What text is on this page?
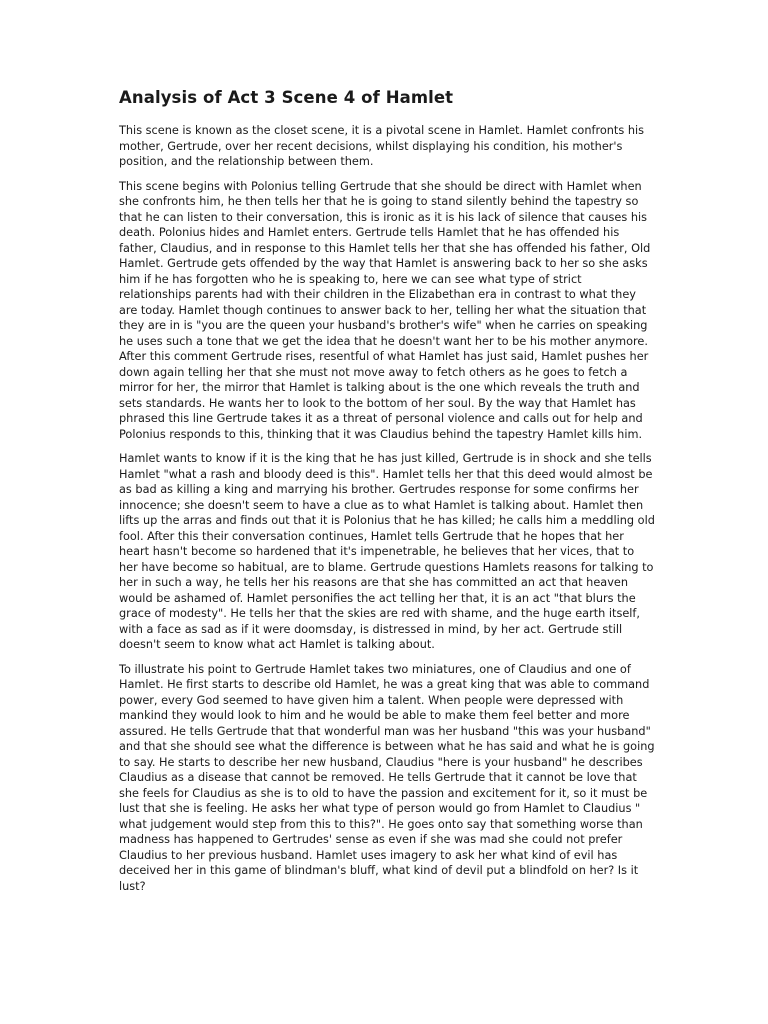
Analysis of Act 3 Scene 4 of Hamlet

This scene is known as the closet scene, it is a pivotal scene in Hamlet. Hamlet confronts his mother, Gertrude, over her recent decisions, whilst displaying his condition, his mother's position, and the relationship between them.

This scene begins with Polonius telling Gertrude that she should be direct with Hamlet when she confronts him, he then tells her that he is going to stand silently behind the tapestry so that he can listen to their conversation, this is ironic as it is his lack of silence that causes his death. Polonius hides and Hamlet enters. Gertrude tells Hamlet that he has offended his father, Claudius, and in response to this Hamlet tells her that she has offended his father, Old Hamlet. Gertrude gets offended by the way that Hamlet is answering back to her so she asks him if he has forgotten who he is speaking to, here we can see what type of strict relationships parents had with their children in the Elizabethan era in contrast to what they are today. Hamlet though continues to answer back to her, telling her what the situation that they are in is "you are the queen your husband's brother's wife" when he carries on speaking he uses such a tone that we get the idea that he doesn't want her to be his mother anymore. After this comment Gertrude rises, resentful of what Hamlet has just said, Hamlet pushes her down again telling her that she must not move away to fetch others as he goes to fetch a mirror for her, the mirror that Hamlet is talking about is the one which reveals the truth and sets standards. He wants her to look to the bottom of her soul. By the way that Hamlet has phrased this line Gertrude takes it as a threat of personal violence and calls out for help and Polonius responds to this, thinking that it was Claudius behind the tapestry Hamlet kills him.

Hamlet wants to know if it is the king that he has just killed, Gertrude is in shock and she tells Hamlet "what a rash and bloody deed is this". Hamlet tells her that this deed would almost be as bad as killing a king and marrying his brother. Gertrudes response for some confirms her innocence; she doesn't seem to have a clue as to what Hamlet is talking about. Hamlet then lifts up the arras and finds out that it is Polonius that he has killed; he calls him a meddling old fool. After this their conversation continues, Hamlet tells Gertrude that he hopes that her heart hasn't become so hardened that it's impenetrable, he believes that her vices, that to her have become so habitual, are to blame. Gertrude questions Hamlets reasons for talking to her in such a way, he tells her his reasons are that she has committed an act that heaven would be ashamed of. Hamlet personifies the act telling her that, it is an act "that blurs the grace of modesty". He tells her that the skies are red with shame, and the huge earth itself, with a face as sad as if it were doomsday, is distressed in mind, by her act. Gertrude still doesn't seem to know what act Hamlet is talking about.

To illustrate his point to Gertrude Hamlet takes two miniatures, one of Claudius and one of Hamlet. He first starts to describe old Hamlet, he was a great king that was able to command power, every God seemed to have given him a talent. When people were depressed with mankind they would look to him and he would be able to make them feel better and more assured. He tells Gertrude that that wonderful man was her husband "this was your husband" and that she should see what the difference is between what he has said and what he is going to say. He starts to describe her new husband, Claudius "here is your husband" he describes Claudius as a disease that cannot be removed. He tells Gertrude that it cannot be love that she feels for Claudius as she is to old to have the passion and excitement for it, so it must be lust that she is feeling. He asks her what type of person would go from Hamlet to Claudius " what judgement would step from this to this?". He goes onto say that something worse than madness has happened to Gertrudes' sense as even if she was mad she could not prefer Claudius to her previous husband. Hamlet uses imagery to ask her what kind of evil has deceived her in this game of blindman's bluff, what kind of devil put a blindfold on her? Is it lust?
